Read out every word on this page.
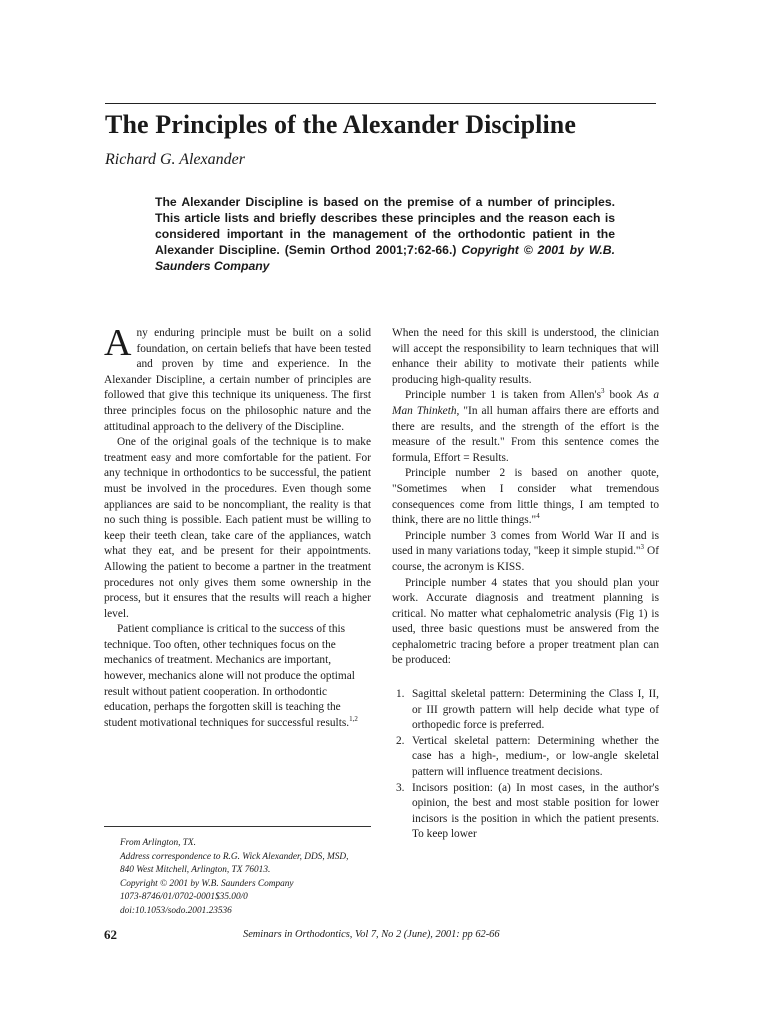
The Principles of the Alexander Discipline
Richard G. Alexander

The Alexander Discipline is based on the premise of a number of principles. This article lists and briefly describes these principles and the reason each is considered important in the management of the orthodontic patient in the Alexander Discipline. (Semin Orthod 2001;7:62-66.) Copyright © 2001 by W.B. Saunders Company

Any enduring principle must be built on a solid foundation, on certain beliefs that have been tested and proven by time and experience. In the Alexander Discipline, a certain number of principles are followed that give this technique its uniqueness. The first three principles focus on the philosophic nature and the attitudinal approach to the delivery of the Discipline.

One of the original goals of the technique is to make treatment easy and more comfortable for the patient. For any technique in orthodontics to be successful, the patient must be involved in the procedures. Even though some appliances are said to be noncompliant, the reality is that no such thing is possible. Each patient must be willing to keep their teeth clean, take care of the appliances, watch what they eat, and be present for their appointments. Allowing the patient to become a partner in the treatment procedures not only gives them some ownership in the process, but it ensures that the results will reach a higher level.

Patient compliance is critical to the success of this technique. Too often, other techniques focus on the mechanics of treatment. Mechanics are important, however, mechanics alone will not produce the optimal result without patient cooperation. In orthodontic education, perhaps the forgotten skill is teaching the student motivational techniques for successful results.$^{1,2}$

When the need for this skill is understood, the clinician will accept the responsibility to learn techniques that will enhance their ability to motivate their patients while producing high-quality results.

Principle number 1 is taken from $Allen's^3$ book As a Man Thinketh, "In all human affairs there are efforts and there are results, and the strength of the effort is the measure of the result." From this sentence comes the formula, Effort = Results.

Principle number 2 is based on another quote, "Sometimes when I consider what tremendous consequences come from little things, I am tempted to think, there are no little things."$^4$

Principle number 3 comes from World War II and is used in many variations today, "keep it simple stupid."$^3$ Of course, the acronym is KISS.

Principle number 4 states that you should plan your work. Accurate diagnosis and treatment planning is critical. No matter what cephalometric analysis (Fig 1) is used, three basic questions must be answered from the cephalometric tracing before a proper treatment plan can be produced:

1. Sagittal skeletal pattern: Determining the Class I, II, or III growth pattern will help decide what type of orthopedic force is preferred.
2. Vertical skeletal pattern: Determining whether the case has a high-, medium-, or low-angle skeletal pattern will influence treatment decisions.
3. Incisors position: (a) In most cases, in the author's opinion, the best and most stable position for lower incisors is the position in which the patient presents. To keep lower
From Arlington, TX.
Address correspondence to R.G. Wick Alexander, DDS, MSD,
840 West Mitchell, Arlington, TX 76013.
Copyright © 2001 by W.B. Saunders Company
1073-8746/01/0702-0001$35.00/0
doi:10.1053/sodo.2001.23536
62	Seminars in Orthodontics, Vol 7, No 2 (June), 2001: pp 62-66
